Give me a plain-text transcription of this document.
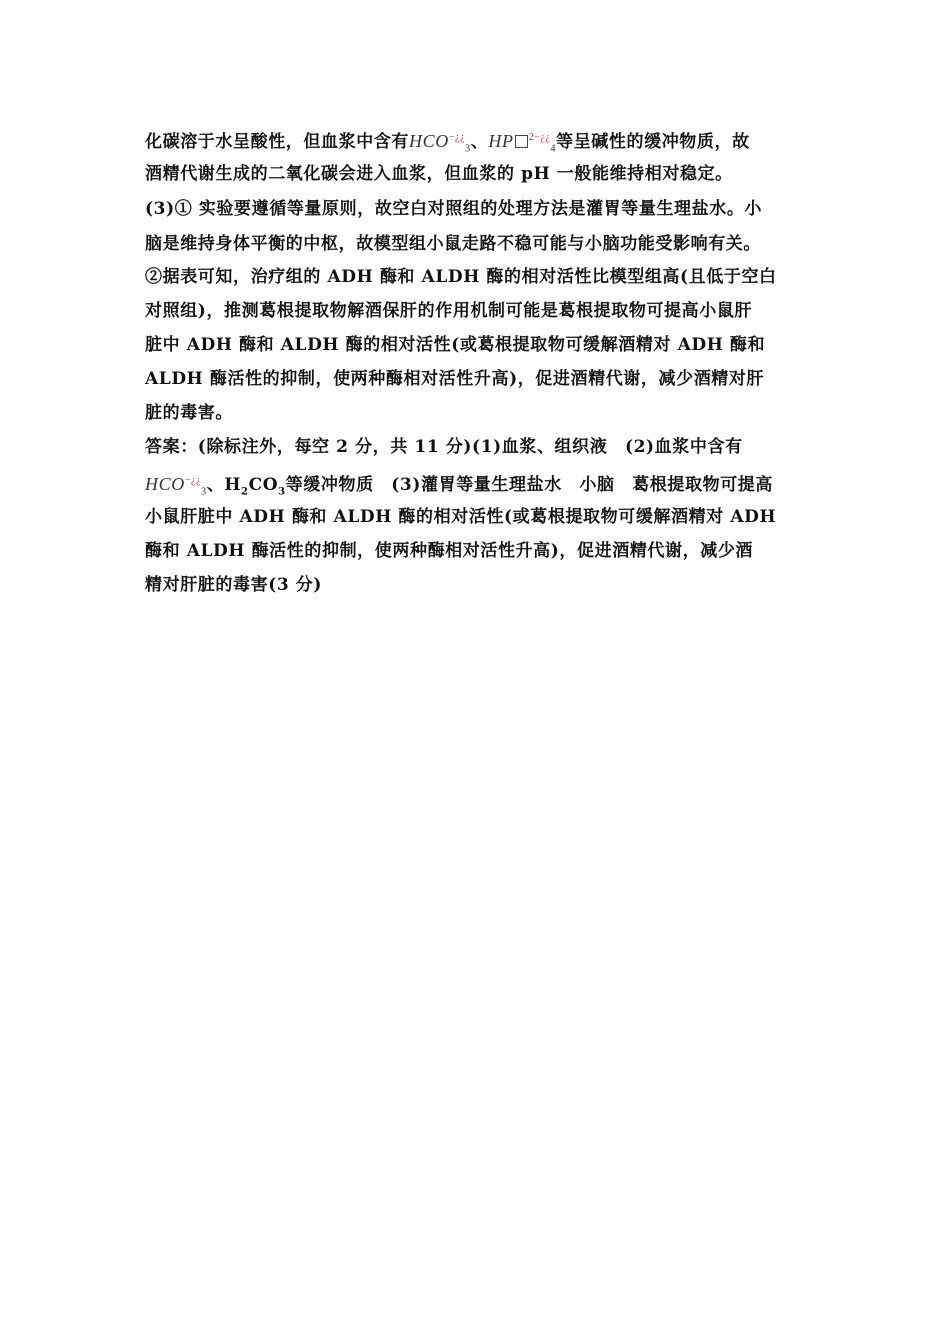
化碳溶于水呈酸性，但血浆中含有$HCO^{-¿¿}_3$、HP $^{2-¿¿}_4$等呈碱性的缓冲物质，故
酒精代谢生成的二氧化碳会进入血浆，但血浆的 pH 一般能维持相对稳定。
(3)① 实验要遵循等量原则，故空白对照组的处理方法是灌胃等量生理盐水。小
脑是维持身体平衡的中枢，故模型组小鼠走路不稳可能与小脑功能受影响有关。
②据表可知，治疗组的 ADH 酶和 ALDH 酶的相对活性比模型组高(且低于空白
对照组)，推测葛根提取物解酒保肝的作用机制可能是葛根提取物可提高小鼠肝
脏中 ADH 酶和 ALDH 酶的相对活性(或葛根提取物可缓解酒精对 ADH 酶和
ALDH 酶活性的抑制，使两种酶相对活性升高)，促进酒精代谢，减少酒精对肝
脏的毒害。
答案：(除标注外，每空 2 分，共 11 分)(1)血浆、组织液　(2)血浆中含有
$HCO^{-¿¿}_3$、$H_2CO_3$等缓冲物质　(3)灌胃等量生理盐水　小脑　葛根提取物可提高
小鼠肝脏中 ADH 酶和 ALDH 酶的相对活性(或葛根提取物可缓解酒精对 ADH
酶和 ALDH 酶活性的抑制，使两种酶相对活性升高)，促进酒精代谢，减少酒
精对肝脏的毒害(3 分)
